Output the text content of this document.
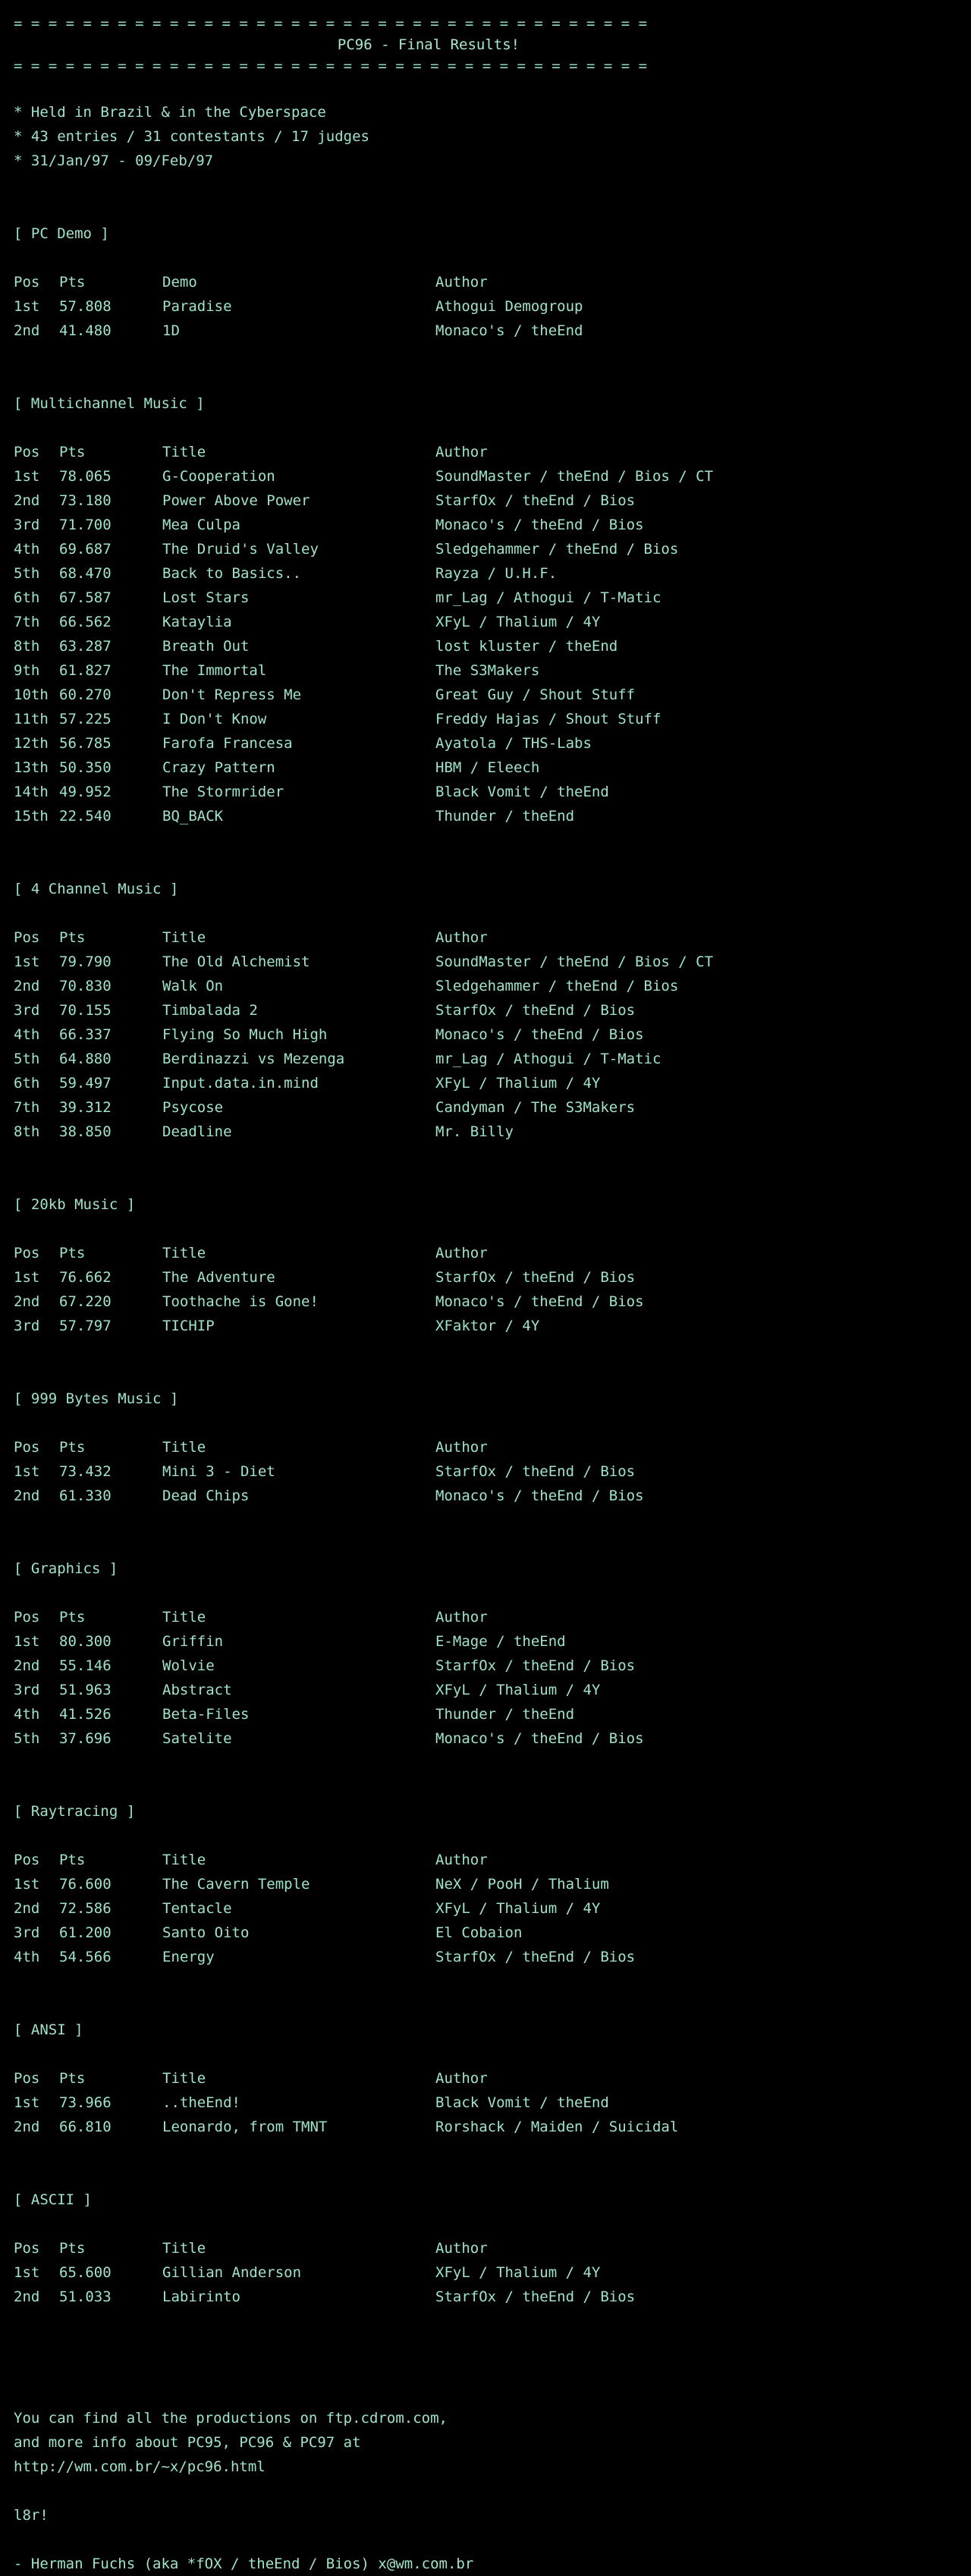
= = = = = = = = = = = = = = = = = = = = = = = = = = = = = = = = = = = = =
PC96 - Final Results!
= = = = = = = = = = = = = = = = = = = = = = = = = = = = = = = = = = = = =
* Held in Brazil & in the Cyberspace
* 43 entries / 31 contestants / 17 judges
* 31/Jan/97 - 09/Feb/97
[ PC Demo ]
Pos Pts	Demo	Author
1st 57.808	Paradise	Athogui Demogroup
2nd 41.480	1D	Monaco's / theEnd
[ Multichannel Music ]
Pos Pts	Title	Author
1st 78.065	G-Cooperation	SoundMaster / theEnd / Bios / CT
2nd 73.180	Power Above Power	StarfOx / theEnd / Bios
3rd 71.700	Mea Culpa	Monaco's / theEnd / Bios
4th 69.687	The Druid's Valley	Sledgehammer / theEnd / Bios
5th 68.470	Back to Basics..	Rayza / U.H.F.
6th 67.587	Lost Stars	mr_Lag / Athogui / T-Matic
7th 66.562	Kataylia	XFyL / Thalium / 4Y
8th 63.287	Breath Out	lost kluster / theEnd
9th 61.827	The Immortal	The S3Makers
10th 60.270	Don't Repress Me	Great Guy / Shout Stuff
11th 57.225	I Don't Know	Freddy Hajas / Shout Stuff
12th 56.785	Farofa Francesa	Ayatola / THS-Labs
13th 50.350	Crazy Pattern	HBM / Eleech
14th 49.952	The Stormrider	Black Vomit / theEnd
15th 22.540	BQ_BACK	Thunder / theEnd
[ 4 Channel Music ]
Pos Pts	Title	Author
1st 79.790	The Old Alchemist	SoundMaster / theEnd / Bios / CT
2nd 70.830	Walk On	Sledgehammer / theEnd / Bios
3rd 70.155	Timbalada 2	StarfOx / theEnd / Bios
4th 66.337	Flying So Much High	Monaco's / theEnd / Bios
5th 64.880	Berdinazzi vs Mezenga	mr_Lag / Athogui / T-Matic
6th 59.497	Input.data.in.mind	XFyL / Thalium / 4Y
7th 39.312	Psycose	Candyman / The S3Makers
8th 38.850	Deadline	Mr. Billy
[ 20kb Music ]
Pos Pts	Title	Author
1st 76.662	The Adventure	StarfOx / theEnd / Bios
2nd 67.220	Toothache is Gone!	Monaco's / theEnd / Bios
3rd 57.797	TICHIP	XFaktor / 4Y
[ 999 Bytes Music ]
Pos Pts	Title	Author
1st 73.432	Mini 3 - Diet	StarfOx / theEnd / Bios
2nd 61.330	Dead Chips	Monaco's / theEnd / Bios
[ Graphics ]
Pos Pts	Title	Author
1st 80.300	Griffin	E-Mage / theEnd
2nd 55.146	Wolvie	StarfOx / theEnd / Bios
3rd 51.963	Abstract	XFyL / Thalium / 4Y
4th 41.526	Beta-Files	Thunder / theEnd
5th 37.696	Satelite	Monaco's / theEnd / Bios
[ Raytracing ]
Pos Pts	Title	Author
1st 76.600	The Cavern Temple	NeX / PooH / Thalium
2nd 72.586	Tentacle	XFyL / Thalium / 4Y
3rd 61.200	Santo Oito	El Cobaion
4th 54.566	Energy	StarfOx / theEnd / Bios
[ ANSI ]
Pos Pts	Title	Author
1st 73.966	..theEnd!	Black Vomit / theEnd
2nd 66.810	Leonardo, from TMNT	Rorshack / Maiden / Suicidal
[ ASCII ]
Pos Pts	Title	Author
1st 65.600	Gillian Anderson	XFyL / Thalium / 4Y
2nd 51.033	Labirinto	StarfOx / theEnd / Bios
You can find all the productions on ftp.cdrom.com,
and more info about PC95, PC96 & PC97 at
http://wm.com.br/~x/pc96.html
l8r!
- Herman Fuchs (aka *fOX / theEnd / Bios) x@wm.com.br
